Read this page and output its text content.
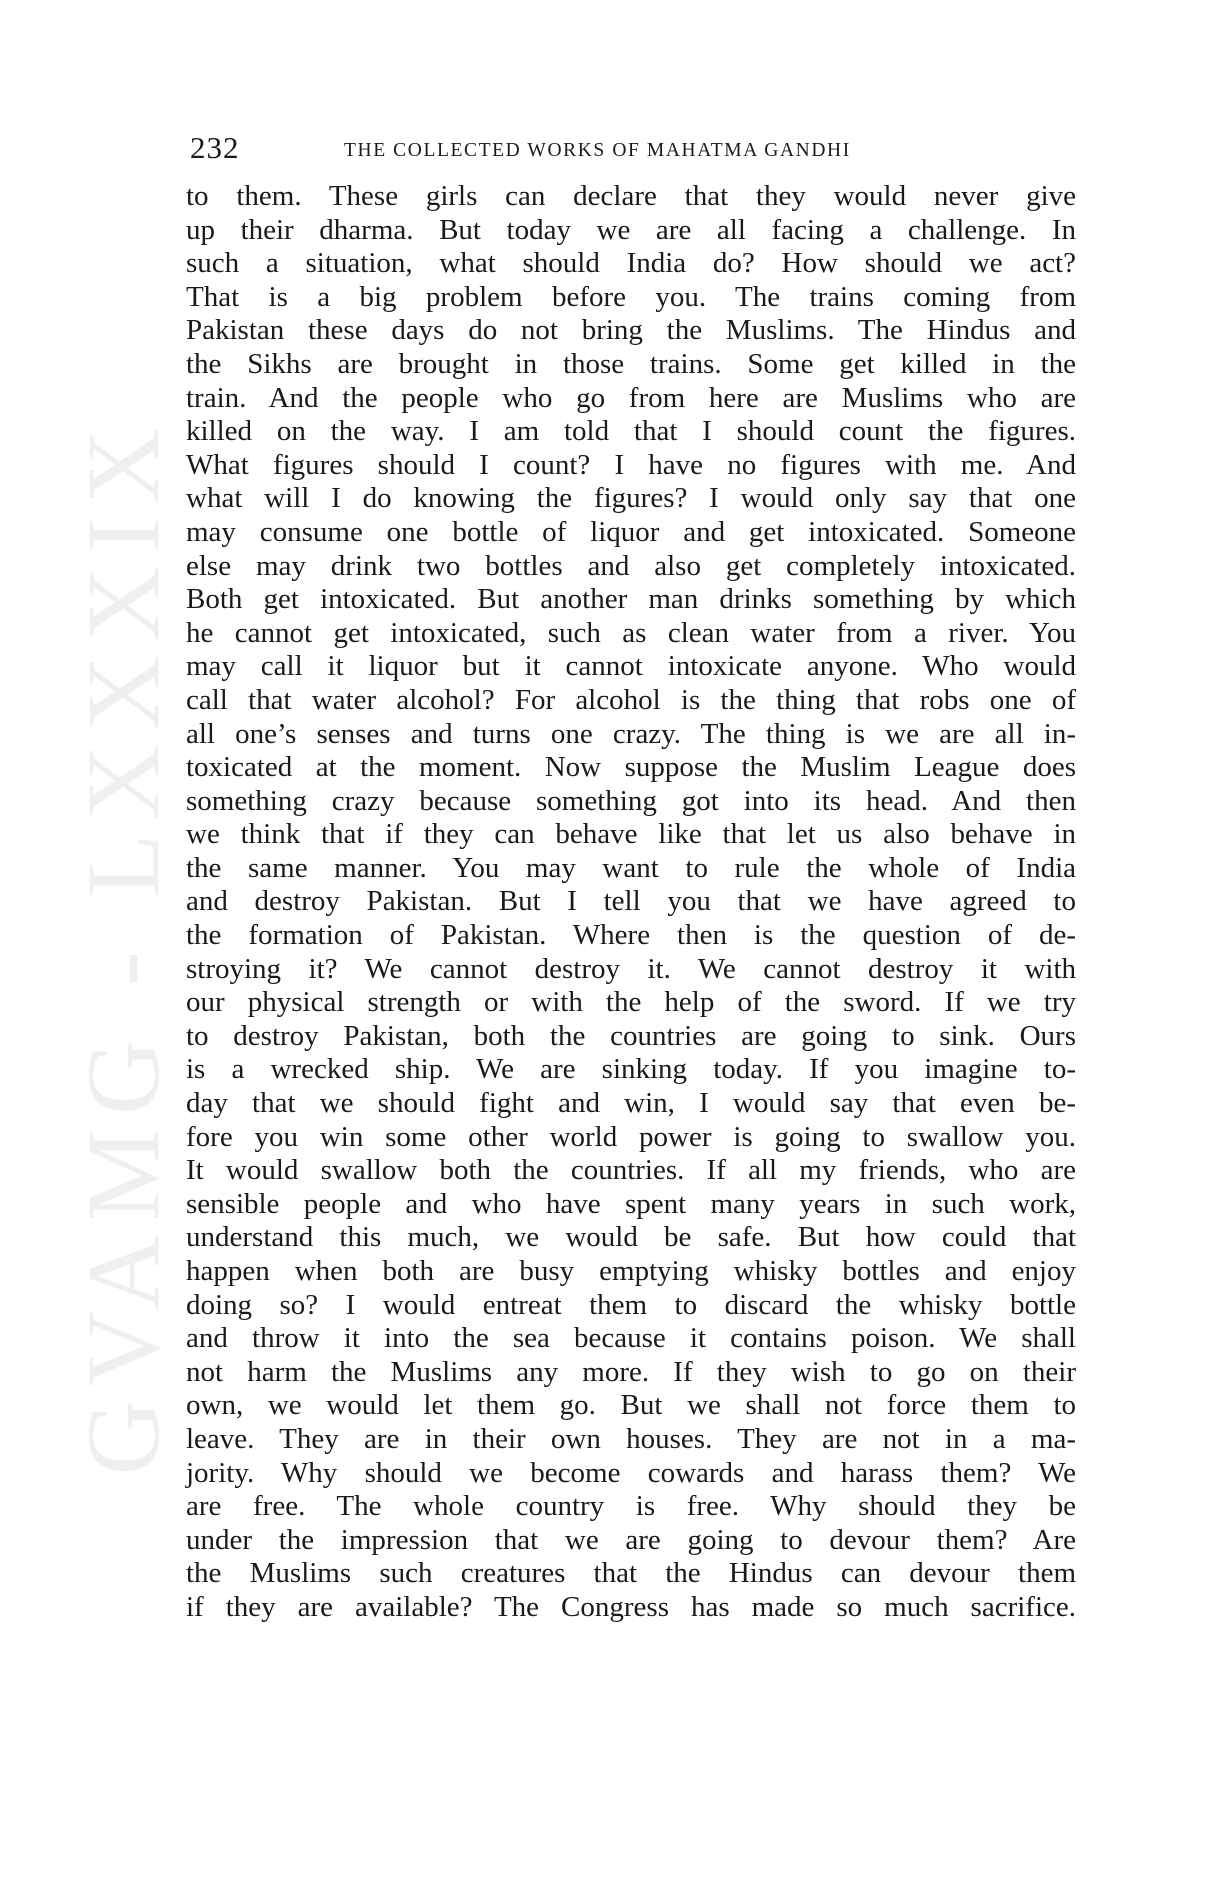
GVAMG - LXXXIX
232	THE COLLECTED WORKS OF MAHATMA GANDHI
to them. These girls can declare that they would never give
up their dharma. But today we are all facing a challenge. In
such a situation, what should India do? How should we act?
That is a big problem before you. The trains coming from
Pakistan these days do not bring the Muslims. The Hindus and
the Sikhs are brought in those trains. Some get killed in the
train. And the people who go from here are Muslims who are
killed on the way. I am told that I should count the figures.
What figures should I count? I have no figures with me. And
what will I do knowing the figures? I would only say that one
may consume one bottle of liquor and get intoxicated. Someone
else may drink two bottles and also get completely intoxicated.
Both get intoxicated. But another man drinks something by which
he cannot get intoxicated, such as clean water from a river. You
may call it liquor but it cannot intoxicate anyone. Who would
call that water alcohol? For alcohol is the thing that robs one of
all one’s senses and turns one crazy. The thing is we are all in-
toxicated at the moment. Now suppose the Muslim League does
something crazy because something got into its head. And then
we think that if they can behave like that let us also behave in
the same manner. You may want to rule the whole of India
and destroy Pakistan. But I tell you that we have agreed to
the formation of Pakistan. Where then is the question of de-
stroying it? We cannot destroy it. We cannot destroy it with
our physical strength or with the help of the sword. If we try
to destroy Pakistan, both the countries are going to sink. Ours
is a wrecked ship. We are sinking today. If you imagine to-
day that we should fight and win, I would say that even be-
fore you win some other world power is going to swallow you.
It would swallow both the countries. If all my friends, who are
sensible people and who have spent many years in such work,
understand this much, we would be safe. But how could that
happen when both are busy emptying whisky bottles and enjoy
doing so? I would entreat them to discard the whisky bottle
and throw it into the sea because it contains poison. We shall
not harm the Muslims any more. If they wish to go on their
own, we would let them go. But we shall not force them to
leave. They are in their own houses. They are not in a ma-
jority. Why should we become cowards and harass them? We
are free. The whole country is free. Why should they be
under the impression that we are going to devour them? Are
the Muslims such creatures that the Hindus can devour them
if they are available? The Congress has made so much sacrifice.
